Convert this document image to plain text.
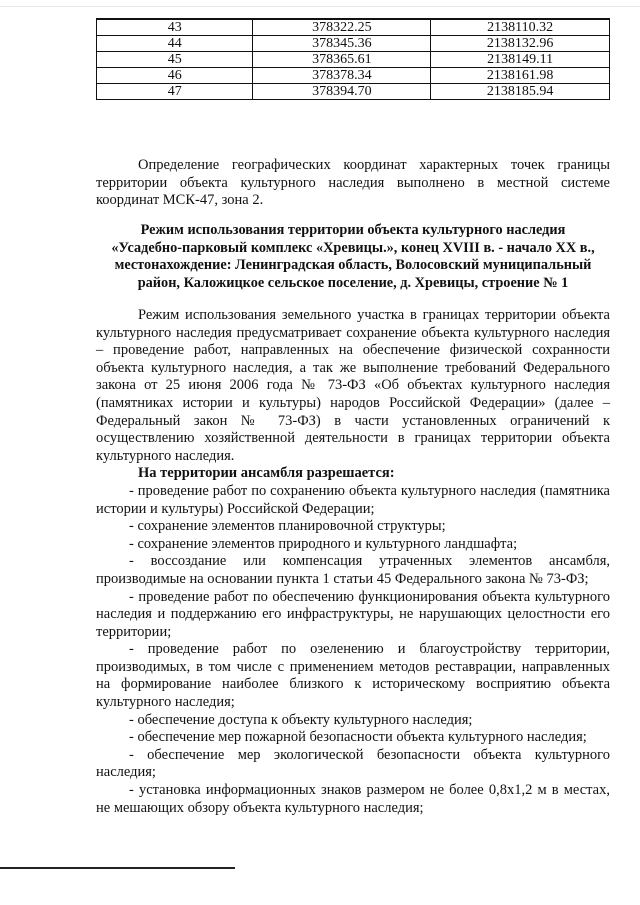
43	378322.25	2138110.32
44	378345.36	2138132.96
45	378365.61	2138149.11
46	378378.34	2138161.98
47	378394.70	2138185.94

Определение географических координат характерных точек границы территории объекта культурного наследия выполнено в местной системе координат МСК-47, зона 2.

Режим использования территории объекта культурного наследия
«Усадебно-парковый комплекс «Хревицы.», конец XVIII в. - начало XX в.,
местонахождение: Ленинградская область, Волосовский муниципальный
район, Каложицкое сельское поселение, д. Хревицы, строение № 1

Режим использования земельного участка в границах территории объекта культурного наследия предусматривает сохранение объекта культурного наследия – проведение работ, направленных на обеспечение физической сохранности объекта культурного наследия, а так же выполнение требований Федерального закона от 25 июня 2006 года № 73-ФЗ «Об объектах культурного наследия (памятниках истории и культуры) народов Российской Федерации» (далее – Федеральный закон № 73-ФЗ) в части установленных ограничений к осуществлению хозяйственной деятельности в границах территории объекта культурного наследия.

На территории ансамбля разрешается:

- проведение работ по сохранению объекта культурного наследия (памятника истории и культуры) Российской Федерации;

- сохранение элементов планировочной структуры;

- сохранение элементов природного и культурного ландшафта;

- воссоздание или компенсация утраченных элементов ансамбля, производимые на основании пункта 1 статьи 45 Федерального закона № 73-ФЗ;

- проведение работ по обеспечению функционирования объекта культурного наследия и поддержанию его инфраструктуры, не нарушающих целостности его территории;

- проведение работ по озеленению и благоустройству территории, производимых, в том числе с применением методов реставрации, направленных на формирование наиболее близкого к историческому восприятию объекта культурного наследия;

- обеспечение доступа к объекту культурного наследия;

- обеспечение мер пожарной безопасности объекта культурного наследия;

- обеспечение мер экологической безопасности объекта культурного наследия;

- установка информационных знаков размером не более 0,8х1,2 м в местах, не мешающих обзору объекта культурного наследия;
